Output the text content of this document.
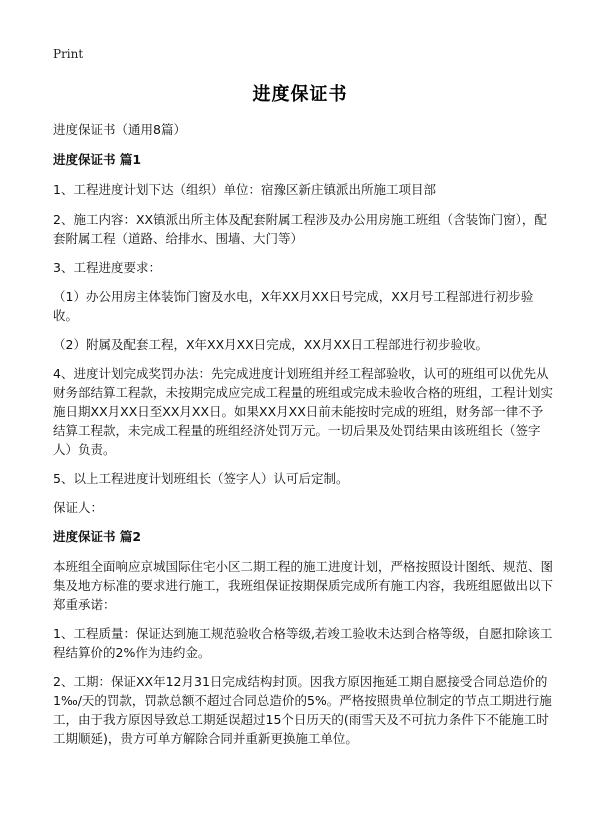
Print
进度保证书

进度保证书（通用8篇）

进度保证书 篇1

1、工程进度计划下达（组织）单位：宿豫区新庄镇派出所施工项目部

2、施工内容：XX镇派出所主体及配套附属工程涉及办公用房施工班组（含装饰门窗），配套附属工程（道路、给排水、围墙、大门等）

3、工程进度要求：

（1）办公用房主体装饰门窗及水电，X年XX月XX日号完成，XX月号工程部进行初步验收。

（2）附属及配套工程，X年XX月XX日完成，XX月XX日工程部进行初步验收。

4、进度计划完成奖罚办法：先完成进度计划班组并经工程部验收，认可的班组可以优先从财务部结算工程款，未按期完成应完成工程量的班组或完成未验收合格的班组，工程计划实施日期XX月XX日至XX月XX日。如果XX月XX日前未能按时完成的班组，财务部一律不予结算工程款，未完成工程量的班组经济处罚万元。一切后果及处罚结果由该班组长（签字人）负责。

5、以上工程进度计划班组长（签字人）认可后定制。

保证人：

进度保证书 篇2

本班组全面响应京城国际住宅小区二期工程的施工进度计划，严格按照设计图纸、规范、图集及地方标准的要求进行施工，我班组保证按期保质完成所有施工内容，我班组愿做出以下郑重承诺：

1、工程质量：保证达到施工规范验收合格等级,若竣工验收未达到合格等级，自愿扣除该工程结算价的2%作为违约金。

2、工期：保证XX年12月31日完成结构封顶。因我方原因拖延工期自愿接受合同总造价的1‰/天的罚款，罚款总额不超过合同总造价的5%。严格按照贵单位制定的节点工期进行施工，由于我方原因导致总工期延误超过15个日历天的(雨雪天及不可抗力条件下不能施工时工期顺延)，贵方可单方解除合同并重新更换施工单位。
